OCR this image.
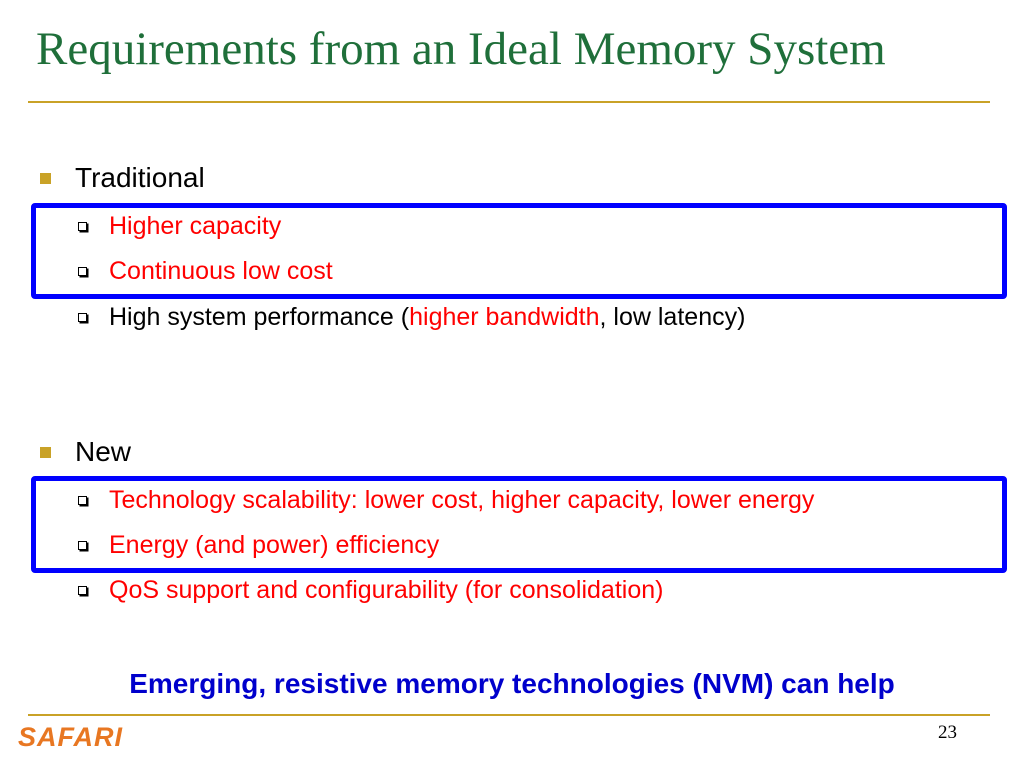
Requirements from an Ideal Memory System
Traditional
Higher capacity
Continuous low cost
High system performance ( higher bandwidth , low latency)
New
Technology scalability: lower cost, higher capacity, lower energy
Energy (and power) efficiency
QoS support and configurability (for consolidation)
Emerging, resistive memory technologies (NVM) can help
SAFARI	23
